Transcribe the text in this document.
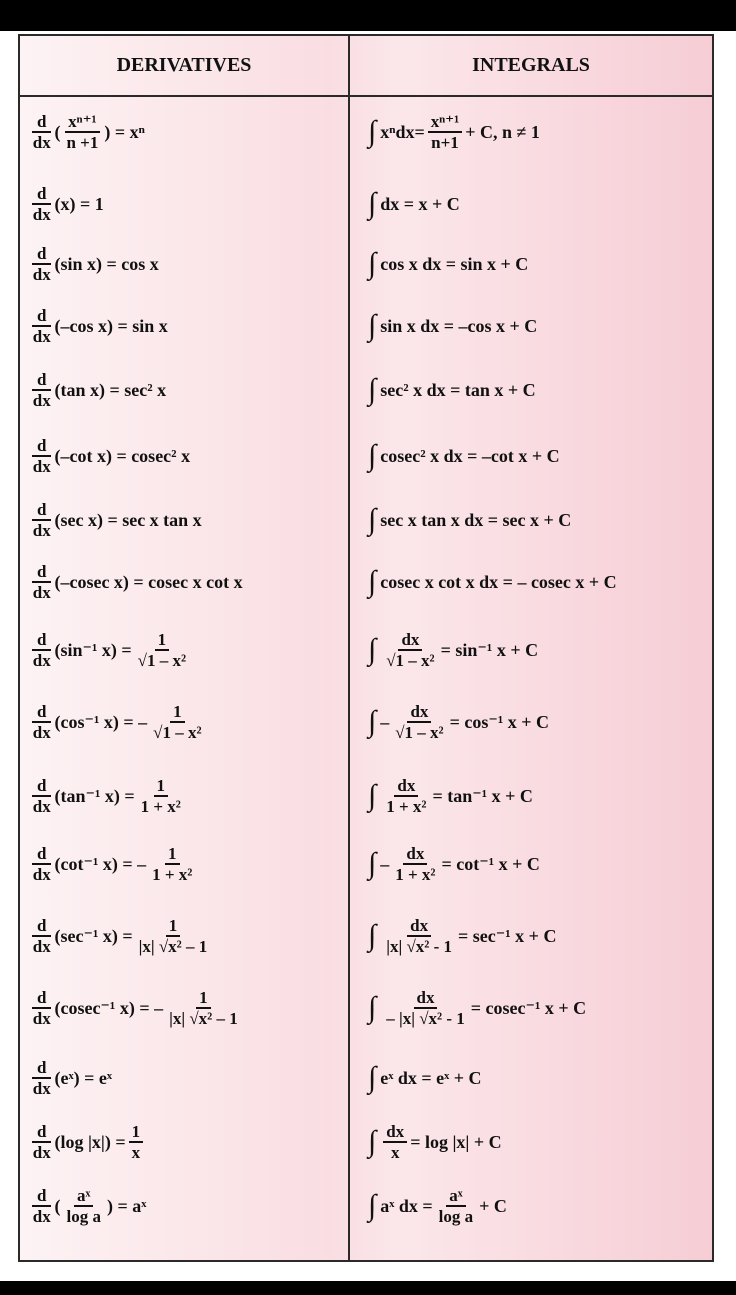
DERIVATIVES	INTEGRALS
$\frac{d}{dx}$ ( $\frac{\text{xⁿ⁺¹}}{n +1}$ ) = xⁿ	∫ $x^ndx= \frac{\text{xⁿ⁺¹}}{n+1} + C$, n ≠ 1
$\frac{d}{dx} (x) = 1$	∫ dx = x + C
$\frac{d}{dx} (\sin$ x) = cos x	∫ cos x dx = sin x + C
$\frac{d}{dx} (-\cos$ x) = sin x	∫ sin x dx = –cos x + C
$\frac{d}{dx} (\tan$ x) = sec² x	∫ sec² x dx = tan x + C
$\frac{d}{dx} (-\cot$ x) = cosec² x	∫ cosec² x dx = –cot x + C
$\frac{d}{dx} (\sec$ x) = sec x tan x	∫ sec x tan x dx = sec x + C
$\frac{d}{dx} (-cosec$ x) = cosec x cot x	∫ cosec x cot x dx = – cosec x + C
$\frac{d}{dx} (\sin^{-1}$ $x) = \frac{1}{\text{√1 – x²}}$	∫ $\frac{dx}{\text{√1 – x²}} = \sin^{-1}$ x + C
$\frac{d}{dx} (\cos^{-1}$ x) = – $\frac{1}{\text{√1 – x²}}$	∫ – $\frac{dx}{\text{√1 – x²}} = \cos^{-1}$ x + C
$\frac{d}{dx} (\tan^{-1}$ $x) = \frac{1}{\text{1 + x²}}$	∫ $\frac{dx}{\text{1 + x²}} = \tan^{-1}$ x + C
$\frac{d}{dx} (\cot^{-1}$ x) = – $\frac{1}{\text{1 + x²}}$	∫ – $\frac{dx}{\text{1 + x²}} = \cot^{-1}$ x + C
$\frac{d}{dx} (\sec^{-1}$ $x) = \frac{1}{\text{|x| √x² – 1}}$	∫ $\frac{dx}{\text{|x| √x² - 1}} = \sec^{-1}$ x + C
$\frac{d}{dx} (cosec^{-1}$ x) = – $\frac{1}{\text{|x| √x² – 1}}$	∫ $\frac{dx}{\text{– |x| √x² - 1}} = cosec^{-1}$ x + C
$\frac{d}{dx}$ (eˣ) = eˣ	∫ eˣ dx = eˣ + C
$\frac{d}{dx} (\log$ $|x|) = \frac{1}{x}$	∫ $\frac{dx}{x} = \log |x| + C$
$\frac{d}{dx}$ ( $\frac{\text{aˣ}}{\text{log a}}$ ) = aˣ	∫ aˣ dx = $\frac{\text{aˣ}}{\text{log a}} + C$
